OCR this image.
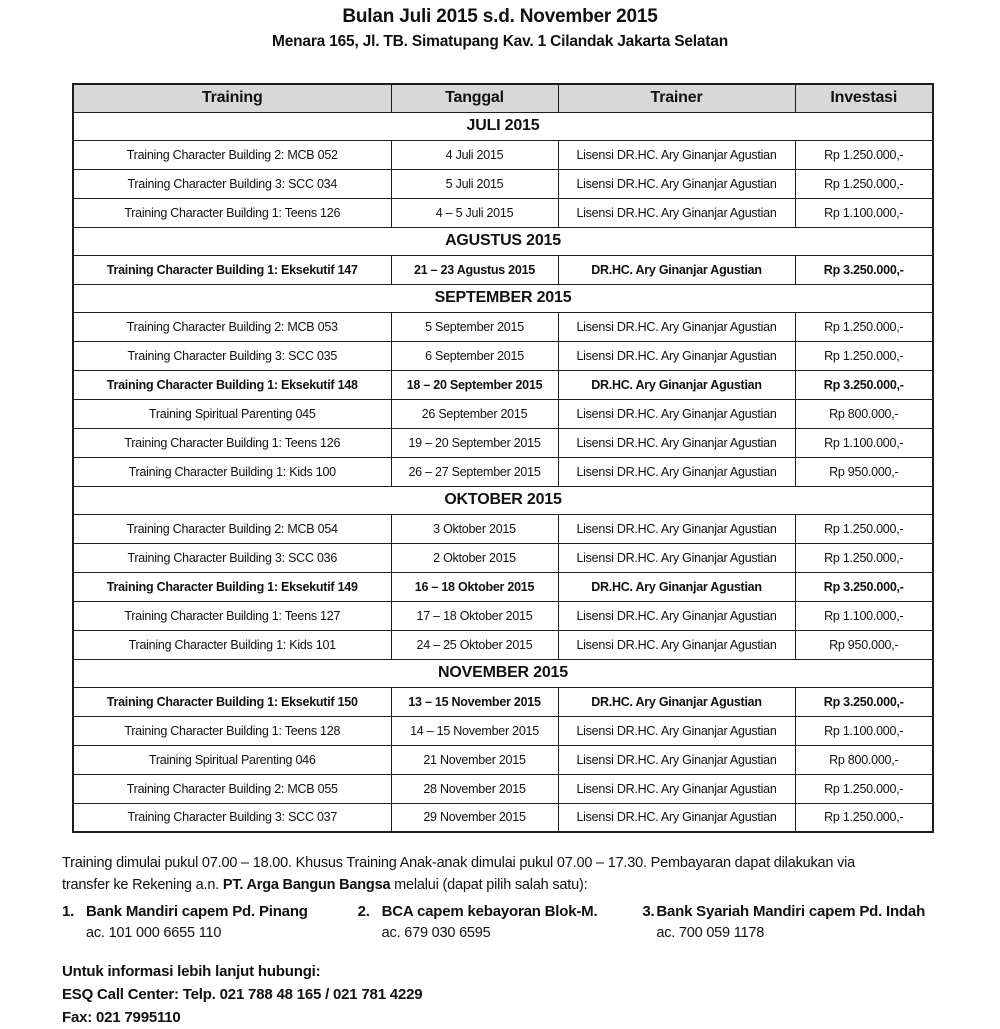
Bulan Juli 2015 s.d. November 2015
Menara 165, Jl. TB. Simatupang Kav. 1 Cilandak Jakarta Selatan
Training	Tanggal	Trainer	Investasi
JULI 2015			
Training Character Building 2: MCB 052	4 Juli 2015	Lisensi DR.HC. Ary Ginanjar Agustian	Rp 1.250.000,-
Training Character Building 3: SCC 034	5 Juli 2015	Lisensi DR.HC. Ary Ginanjar Agustian	Rp 1.250.000,-
Training Character Building 1: Teens 126	4 – 5 Juli 2015	Lisensi DR.HC. Ary Ginanjar Agustian	Rp 1.100.000,-
AGUSTUS 2015			
Training Character Building 1: Eksekutif 147	21 – 23 Agustus 2015	DR.HC. Ary Ginanjar Agustian	Rp 3.250.000,-
SEPTEMBER 2015			
Training Character Building 2: MCB 053	5 September 2015	Lisensi DR.HC. Ary Ginanjar Agustian	Rp 1.250.000,-
Training Character Building 3: SCC 035	6 September 2015	Lisensi DR.HC. Ary Ginanjar Agustian	Rp 1.250.000,-
Training Character Building 1: Eksekutif 148	18 – 20 September 2015	DR.HC. Ary Ginanjar Agustian	Rp 3.250.000,-
Training Spiritual Parenting 045	26 September 2015	Lisensi DR.HC. Ary Ginanjar Agustian	Rp 800.000,-
Training Character Building 1: Teens 126	19 – 20 September 2015	Lisensi DR.HC. Ary Ginanjar Agustian	Rp 1.100.000,-
Training Character Building 1: Kids 100	26 – 27 September 2015	Lisensi DR.HC. Ary Ginanjar Agustian	Rp 950.000,-
OKTOBER 2015			
Training Character Building 2: MCB 054	3 Oktober 2015	Lisensi DR.HC. Ary Ginanjar Agustian	Rp 1.250.000,-
Training Character Building 3: SCC 036	2 Oktober 2015	Lisensi DR.HC. Ary Ginanjar Agustian	Rp 1.250.000,-
Training Character Building 1: Eksekutif 149	16 – 18 Oktober 2015	DR.HC. Ary Ginanjar Agustian	Rp 3.250.000,-
Training Character Building 1: Teens 127	17 – 18 Oktober 2015	Lisensi DR.HC. Ary Ginanjar Agustian	Rp 1.100.000,-
Training Character Building 1: Kids 101	24 – 25 Oktober 2015	Lisensi DR.HC. Ary Ginanjar Agustian	Rp 950.000,-
NOVEMBER 2015			
Training Character Building 1: Eksekutif 150	13 – 15 November 2015	DR.HC. Ary Ginanjar Agustian	Rp 3.250.000,-
Training Character Building 1: Teens 128	14 – 15 November 2015	Lisensi DR.HC. Ary Ginanjar Agustian	Rp 1.100.000,-
Training Spiritual Parenting 046	21 November 2015	Lisensi DR.HC. Ary Ginanjar Agustian	Rp 800.000,-
Training Character Building 2: MCB 055	28 November 2015	Lisensi DR.HC. Ary Ginanjar Agustian	Rp 1.250.000,-
Training Character Building 3: SCC 037	29 November 2015	Lisensi DR.HC. Ary Ginanjar Agustian	Rp 1.250.000,-
Training dimulai pukul 07.00 – 18.00. Khusus Training Anak-anak dimulai pukul 07.00 – 17.30. Pembayaran dapat dilakukan via
transfer ke Rekening a.n. PT. Arga Bangun Bangsa melalui (dapat pilih salah satu):
1. Bank Mandiri capem Pd. Pinang
ac. 101 000 6655 110
2. BCA capem kebayoran Blok-M.
ac. 679 030 6595
3. Bank Syariah Mandiri capem Pd. Indah
ac. 700 059 1178
Untuk informasi lebih lanjut hubungi:
ESQ Call Center: Telp. 021 788 48 165 / 021 781 4229
Fax: 021 7995110
